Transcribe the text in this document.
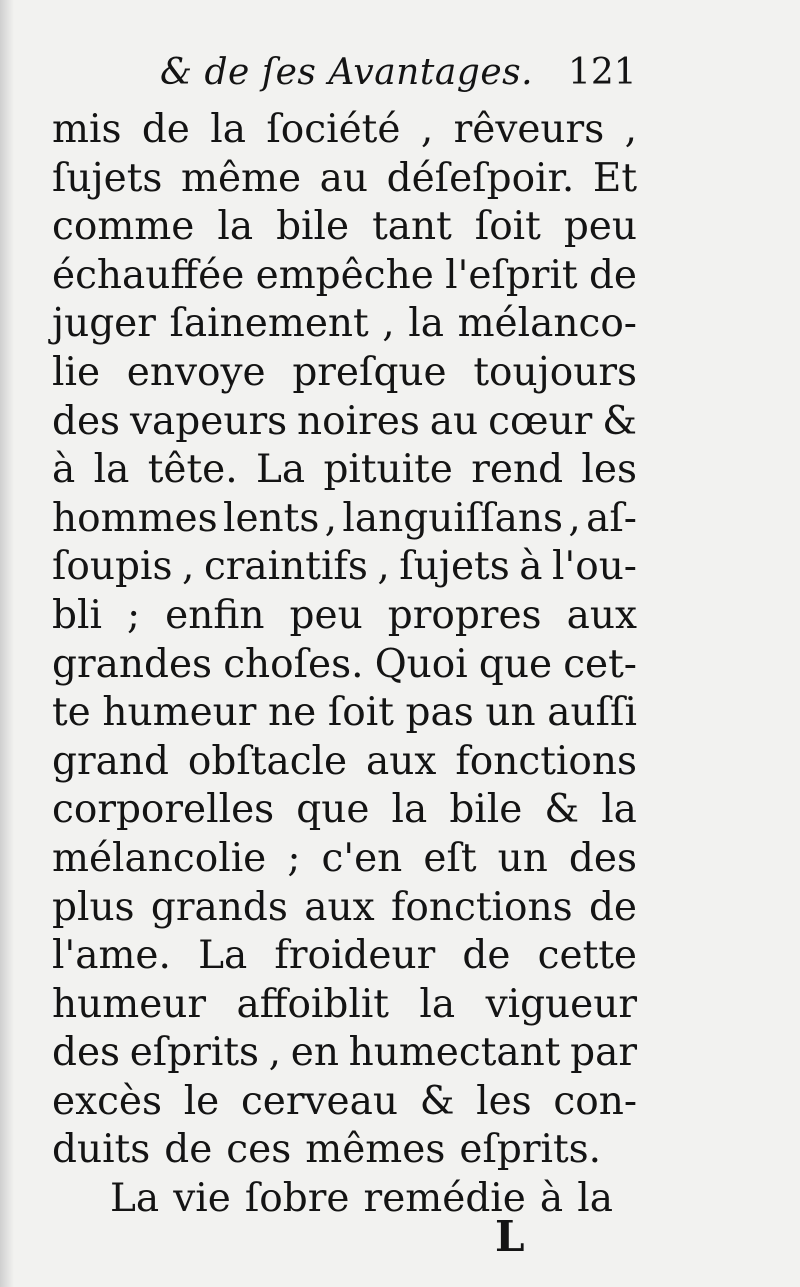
& de ſes Avantages. 121
mis de la ſociété , rêveurs ,
ſujets même au déſeſpoir. Et
comme la bile tant ſoit peu
échauffée empêche l'eſprit de
juger ſainement , la mélanco-
lie envoye preſque toujours
des vapeurs noires au cœur &
à la tête. La pituite rend les
hommes lents , languiſſans , aſ-
ſoupis , craintifs , ſujets à l'ou-
bli ; enfin peu propres aux
grandes choſes. Quoi que cet-
te humeur ne ſoit pas un auſſi
grand obſtacle aux fonctions
corporelles que la bile & la
mélancolie ; c'en eſt un des
plus grands aux fonctions de
l'ame. La froideur de cette
humeur affoiblit la vigueur
des eſprits , en humectant par
excès le cerveau & les con-
duits de ces mêmes eſprits.
La vie ſobre remédie à la
L
